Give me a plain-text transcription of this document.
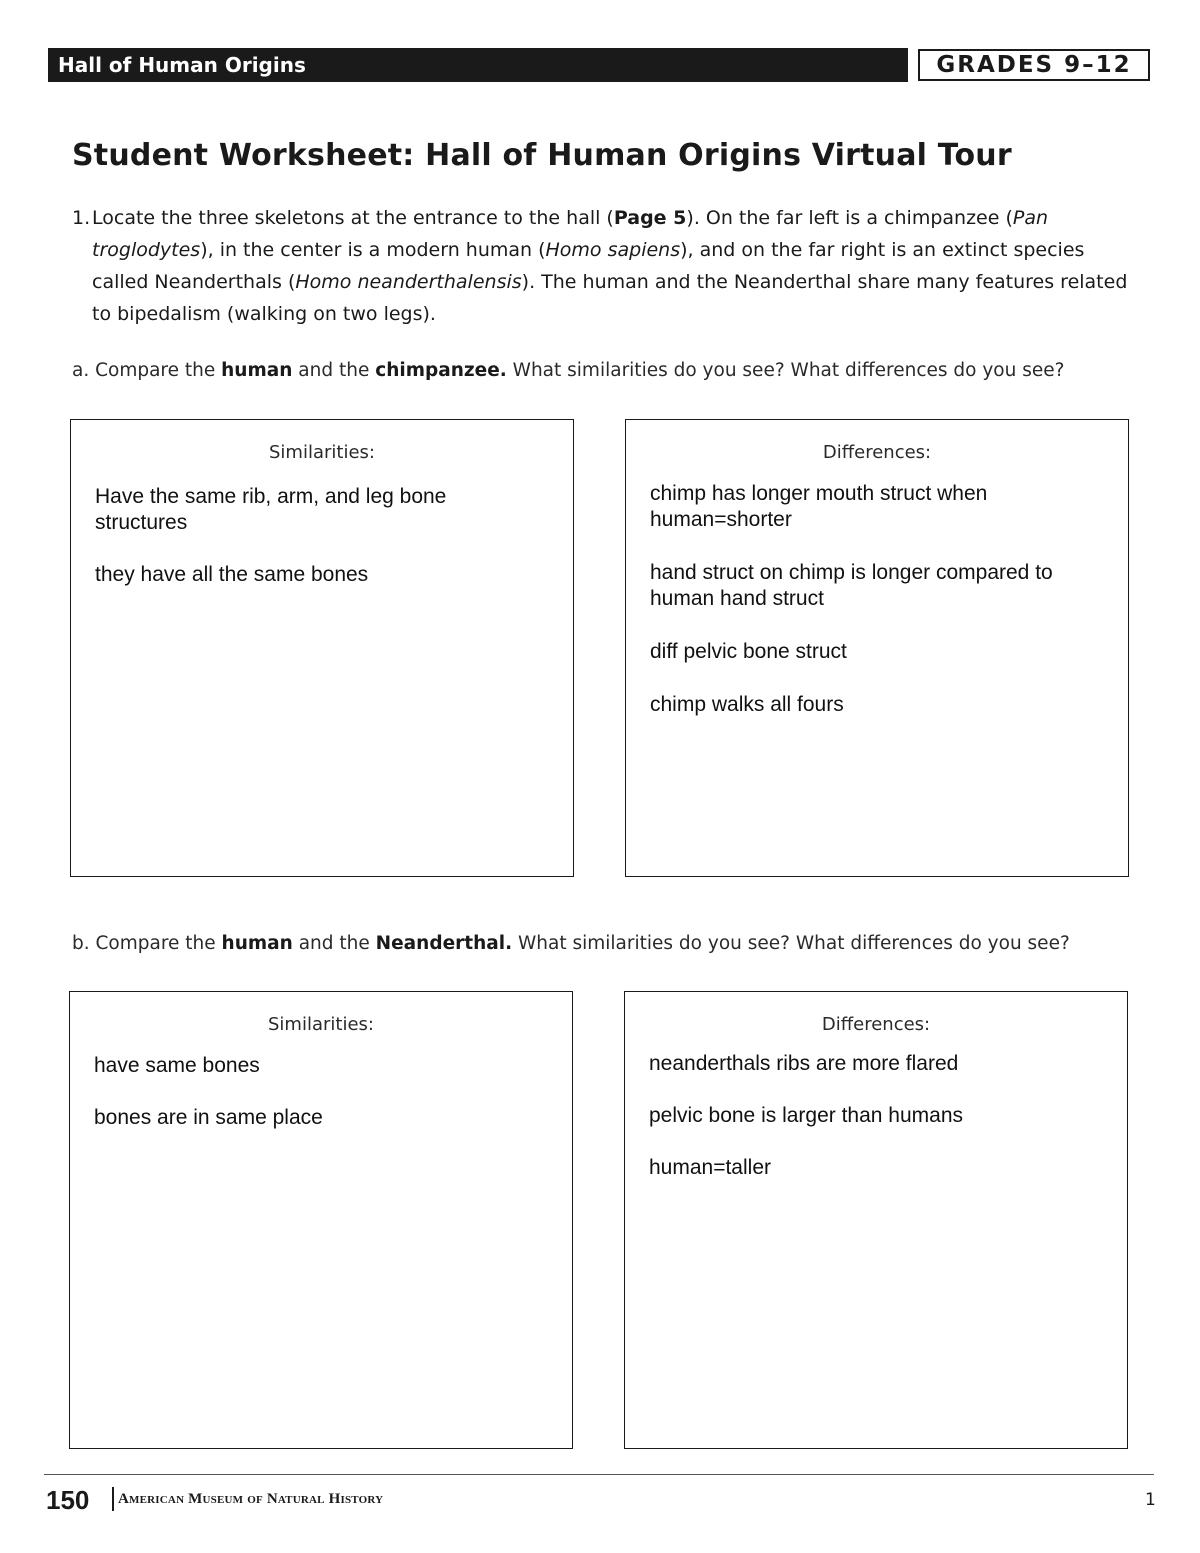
Hall of Human Origins	GRADES 9–12
Student Worksheet: Hall of Human Origins Virtual Tour
1. Locate the three skeletons at the entrance to the hall (Page 5). On the far left is a chimpanzee (Pan troglodytes), in the center is a modern human (Homo sapiens), and on the far right is an extinct species called Neanderthals (Homo neanderthalensis). The human and the Neanderthal share many features related to bipedalism (walking on two legs).

a. Compare the human and the chimpanzee. What similarities do you see? What differences do you see?

Similarities:

Have the same rib, arm, and leg bone structures

they have all the same bones

Differences:

chimp has longer mouth struct when human=shorter

hand struct on chimp is longer compared to human hand struct

diff pelvic bone struct

chimp walks all fours

b. Compare the human and the Neanderthal. What similarities do you see? What differences do you see?

Similarities:

have same bones

bones are in same place

Differences:

neanderthals ribs are more flared

pelvic bone is larger than humans

human=taller

150 American Museum of Natural History	1
